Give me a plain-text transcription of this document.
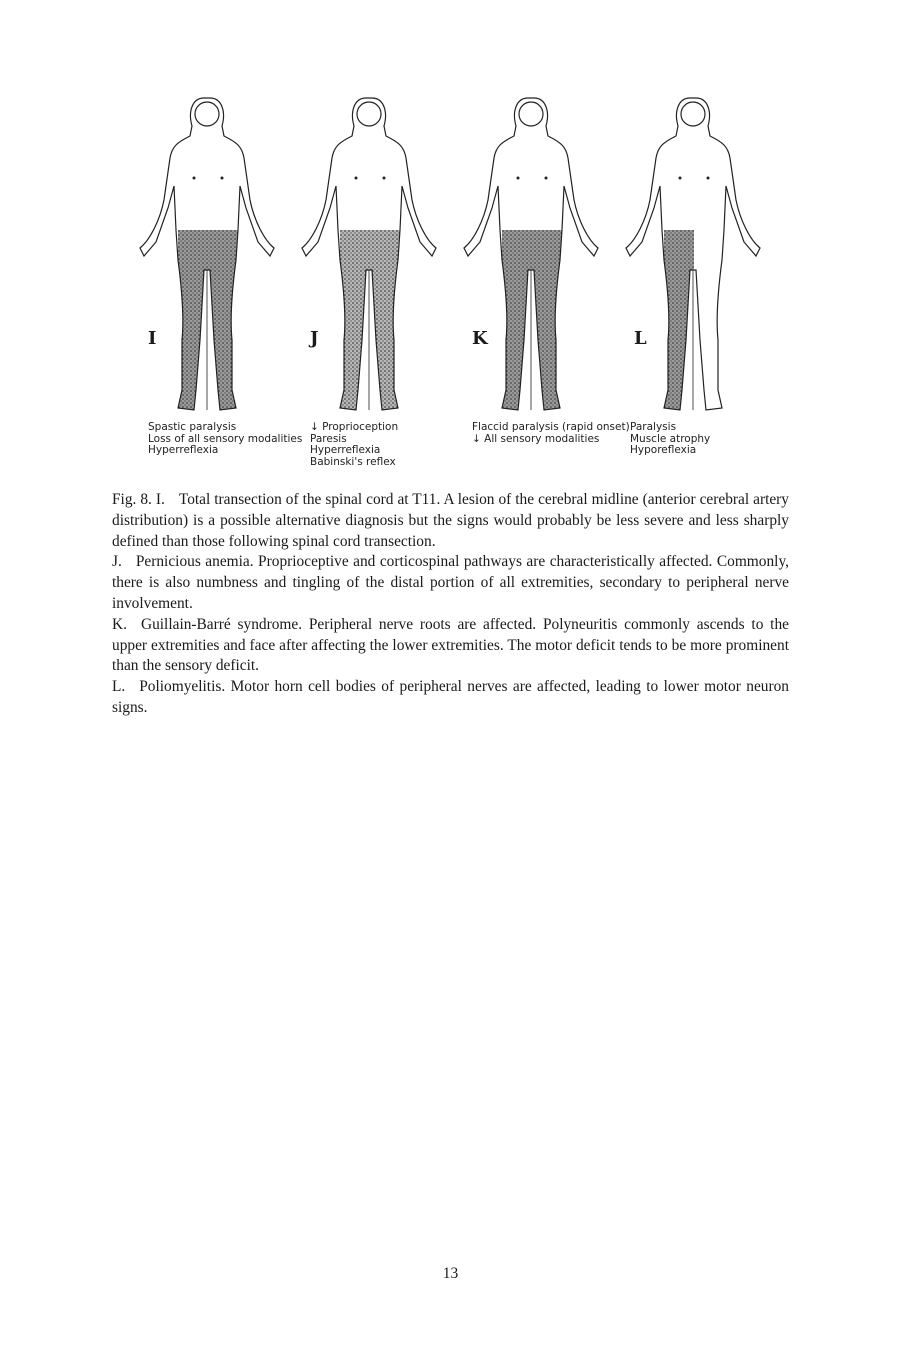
I
Spastic paralysis
Loss of all sensory modalities
Hyperreflexia
J
↓ Proprioception
Paresis
Hyperreflexia
Babinski's reflex
K
Flaccid paralysis (rapid onset)
↓ All sensory modalities
L
Paralysis
Muscle atrophy
Hyporeflexia

Fig. 8. I. Total transection of the spinal cord at T11. A lesion of the cerebral midline (anterior cerebral artery distribution) is a possible alternative diagnosis but the signs would probably be less severe and less sharply defined than those following spinal cord transection.

J. Pernicious anemia. Proprioceptive and corticospinal pathways are characteristically affected. Commonly, there is also numbness and tingling of the distal portion of all extremities, secondary to peripheral nerve involvement.

K. Guillain-Barré syndrome. Peripheral nerve roots are affected. Polyneuritis commonly ascends to the upper extremities and face after affecting the lower extremities. The motor deficit tends to be more prominent than the sensory deficit.

L. Poliomyelitis. Motor horn cell bodies of peripheral nerves are affected, leading to lower motor neuron signs.

13
